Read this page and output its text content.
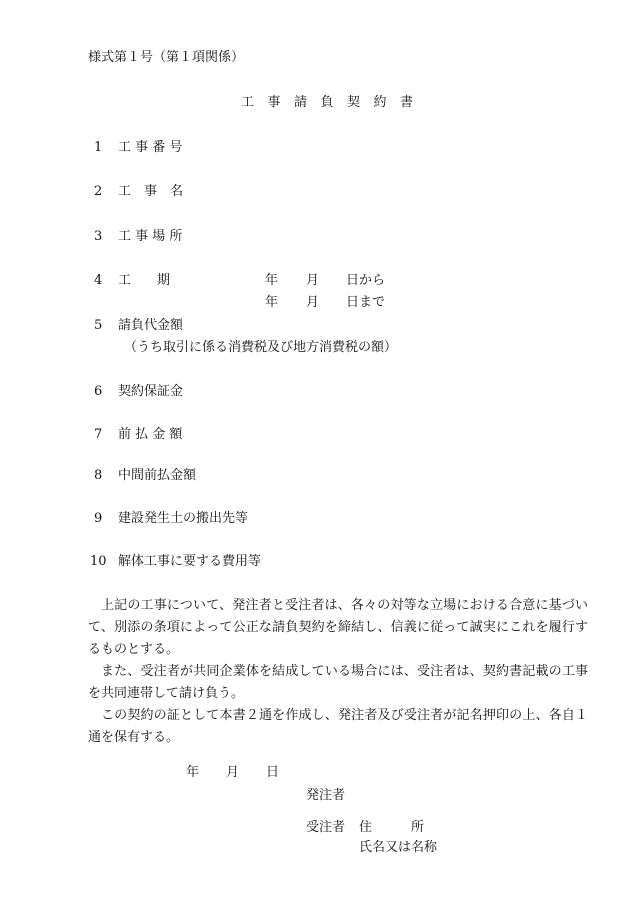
様式第１号（第１項関係）
工事請負契約書
1 工 事 番 号
2 工　事　名
3 工 事 場 所
4 工　　期	年 月 日から
年 月 日まで
5 請負代金額
（うち取引に係る消費税及び地方消費税の額）
6 契約保証金
7 前 払 金 額
8 中間前払金額
9 建設発生土の搬出先等
10 解体工事に要する費用等
上記の工事について、発注者と受注者は、各々の対等な立場における合意に基づいて、別添の条項によって公正な請負契約を締結し、信義に従って誠実にこれを履行するものとする。
また、受注者が共同企業体を結成している場合には、受注者は、契約書記載の工事を共同連帯して請け負う。
この契約の証として本書２通を作成し、発注者及び受注者が記名押印の上、各自１通を保有する。
年 月 日
発注者
受注者 住　　　所
氏名又は名称
